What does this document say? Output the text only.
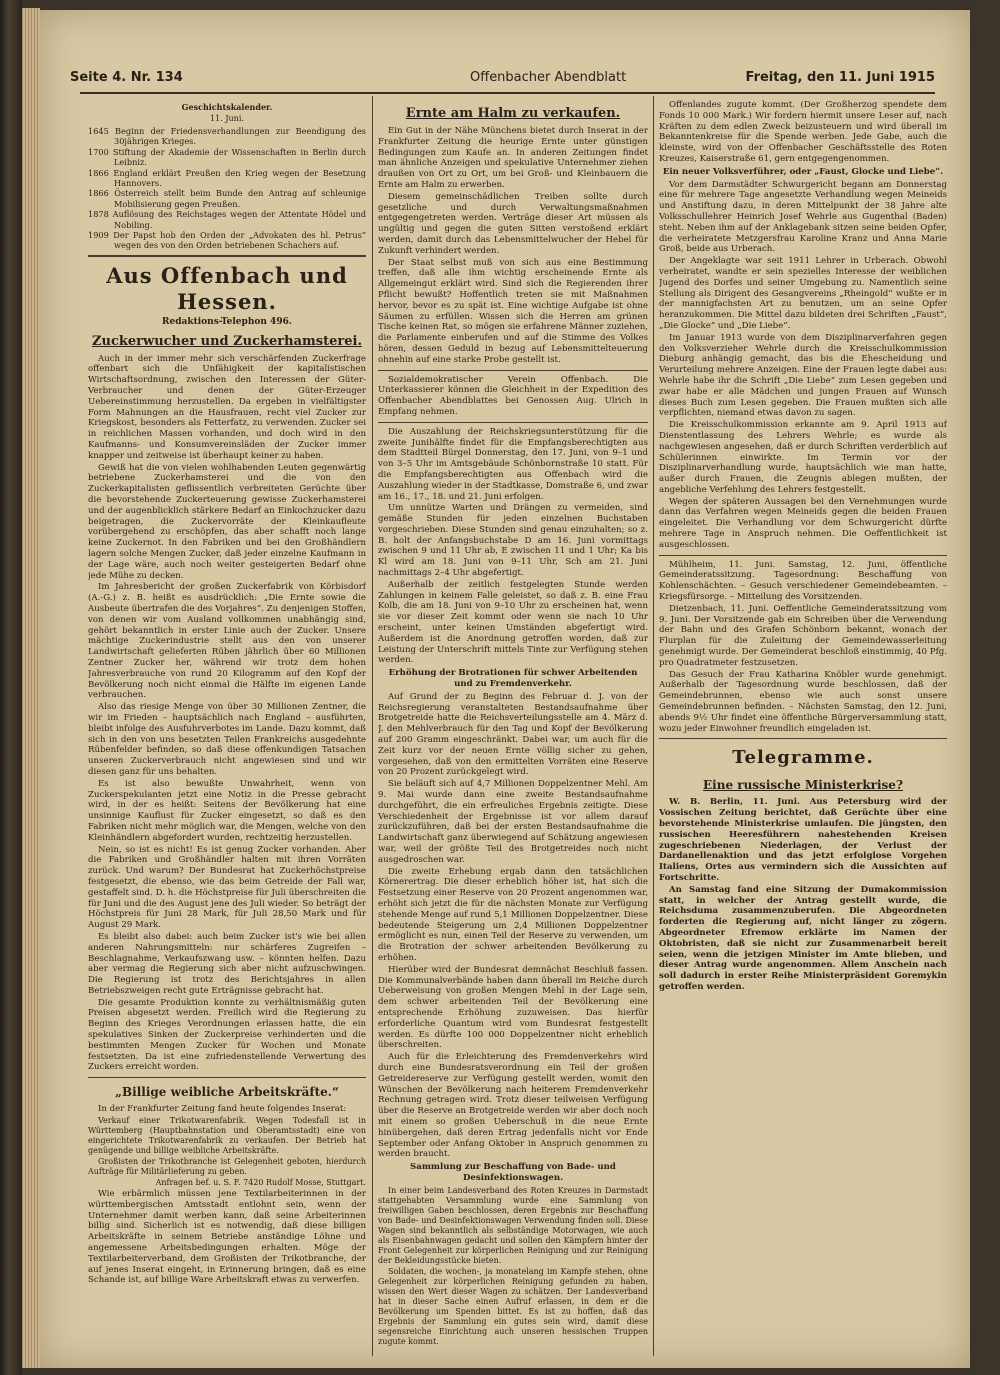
Seite 4. Nr. 134	Offenbacher Abendblatt	Freitag, den 11. Juni 1915
Geschichtskalender.
11. Juni.
1645 Beginn der Friedensverhandlungen zur Beendigung des 30jährigen Krieges.
1700 Stiftung der Akademie der Wissenschaften in Berlin durch Leibniz.
1866 England erklärt Preußen den Krieg wegen der Besetzung Hannovers.
1866 Österreich stellt beim Bunde den Antrag auf schleunige Mobilisierung gegen Preußen.
1878 Auflösung des Reichstages wegen der Attentate Hödel und Nobiling.
1909 Der Papst hob den Orden der „Advokaten des hl. Petrus“ wegen des von den Orden betriebenen Schachers auf.
Aus Offenbach und Hessen.
Redaktions-Telephon 496.
Zuckerwucher und Zuckerhamsterei.

Auch in der immer mehr sich verschärfenden Zuckerfrage offenbart sich die Unfähigkeit der kapitalistischen Wirtschaftsordnung, zwischen den Interessen der Güter-Verbraucher und denen der Güter-Erzeuger Uebereinstimmung herzustellen. Da ergeben in vielfältigster Form Mahnungen an die Hausfrauen, recht viel Zucker zur Kriegskost, besonders als Fetterfatz, zu verwenden. Zucker sei in reichlichen Massen vorhanden, und doch wird in den Kaufmanns- und Konsumvereinsläden der Zucker immer knapper und zeitweise ist überhaupt keiner zu haben.

Gewiß hat die von vielen wohlhabenden Leuten gegenwärtig betriebene Zuckerhamsterei und die von den Zuckerkapitalisten geflissentlich verbreiteten Gerüchte über die bevorstehende Zuckerteuerung gewisse Zuckerhamsterei und der augenblicklich stärkere Bedarf an Einkochzucker dazu beigetragen, die Zuckervorräte der Kleinkaufleute vorübergehend zu erschöpfen, das aber schafft noch lange keine Zuckernot. In den Fabriken und bei den Großhändlern lagern solche Mengen Zucker, daß jeder einzelne Kaufmann in der Lage wäre, auch noch weiter gesteigerten Bedarf ohne jede Mühe zu decken.

Im Jahresbericht der großen Zuckerfabrik von Körbisdorf (A.-G.) z. B. heißt es ausdrücklich: „Die Ernte sowie die Ausbeute übertrafen die des Vorjahres“. Zu denjenigen Stoffen, von denen wir vom Ausland vollkommen unabhängig sind, gehört bekanntlich in erster Linie auch der Zucker. Unsere mächtige Zuckerindustrie stellt aus den von unserer Landwirtschaft gelieferten Rüben jährlich über 60 Millionen Zentner Zucker her, während wir trotz dem hohen Jahresverbrauche von rund 20 Kilogramm auf den Kopf der Bevölkerung noch nicht einmal die Hälfte im eigenen Lande verbrauchen.

Also das riesige Menge von über 30 Millionen Zentner, die wir im Frieden – hauptsächlich nach England – ausführten, bleibt infolge des Ausfuhrverbotes im Lande. Dazu kommt, daß sich in den von uns besetzten Teilen Frankreichs ausgedehnte Rübenfelder befinden, so daß diese offenkundigen Tatsachen unseren Zuckerverbrauch nicht angewiesen sind und wir diesen ganz für uns behalten.

Es ist also bewußte Unwahrheit, wenn von Zuckerspekulanten jetzt eine Notiz in die Presse gebracht wird, in der es heißt: Seitens der Bevölkerung hat eine unsinnige Kauflust für Zucker eingesetzt, so daß es den Fabriken nicht mehr möglich war, die Mengen, welche von den Kleinhändlern abgefordert wurden, rechtzeitig herzustellen.

Nein, so ist es nicht! Es ist genug Zucker vorhanden. Aber die Fabriken und Großhändler halten mit ihren Vorräten zurück. Und warum? Der Bundesrat hat Zuckerhöchstpreise festgesetzt, die ebenso, wie das beim Getreide der Fall war, gestaffelt sind. D. h. die Höchstpreise für Juli überschreiten die für Juni und die des August jene des Juli wieder. So beträgt der Höchstpreis für Juni 28 Mark, für Juli 28,50 Mark und für August 29 Mark.

Es bleibt also dabei: auch beim Zucker ist's wie bei allen anderen Nahrungsmitteln: nur schärferes Zugreifen – Beschlagnahme, Verkaufszwang usw. – könnten helfen. Dazu aber vermag die Regierung sich aber nicht aufzuschwingen. Die Regierung ist trotz des Berichtsjahres in allen Betriebszweigen recht gute Erträgnisse gebracht hat.

Die gesamte Produktion konnte zu verhältnismäßig guten Preisen abgesetzt werden. Freilich wird die Regierung zu Beginn des Krieges Verordnungen erlassen hatte, die ein spekulatives Sinken der Zuckerpreise verhinderten und die bestimmten Mengen Zucker für Wochen und Monate festsetzten. Da ist eine zufriedenstellende Verwertung des Zuckers erreicht worden.

„Billige weibliche Arbeitskräfte.“

In der Frankfurter Zeitung fand heute folgendes Inserat:

Verkauf einer Trikotwarenfabrik. Wegen Todesfall ist in Württemberg (Hauptbahnstation und Oberamtsstadt) eine von eingerichtete Trikotwarenfabrik zu verkaufen. Der Betrieb hat genügende und billige weibliche Arbeitskräfte.

Großisten der Trikotbranche ist Gelegenheit geboten, hierdurch Aufträge für Militärlieferung zu geben.

Anfragen bef. u. S. F. 7420 Rudolf Mosse, Stuttgart.

Wie erbärmlich müssen jene Textilarbeiterinnen in der württembergischen Amtsstadt entlohnt sein, wenn der Unternehmer damit werben kann, daß seine Arbeiterinnen billig sind. Sicherlich ist es notwendig, daß diese billigen Arbeitskräfte in seinem Betriebe anständige Löhne und angemessene Arbeitsbedingungen erhalten. Möge der Textilarbeiterverband, dem Großisten der Trikotbranche, der auf jenes Inserat eingeht, in Erinnerung bringen, daß es eine Schande ist, auf billige Ware Arbeitskraft etwas zu verwerfen.

Ernte am Halm zu verkaufen.

Ein Gut in der Nähe Münchens bietet durch Inserat in der Frankfurter Zeitung die heurige Ernte unter günstigen Bedingungen zum Kaufe an. In anderen Zeitungen findet man ähnliche Anzeigen und spekulative Unternehmer ziehen draußen von Ort zu Ort, um bei Groß- und Kleinbauern die Ernte am Halm zu erwerben.

Diesem gemeinschädlichen Treiben sollte durch gesetzliche und durch Verwaltungsmaßnahmen entgegengetreten werden. Verträge dieser Art müssen als ungültig und gegen die guten Sitten verstoßend erklärt werden, damit durch das Lebensmittelwucher der Hebel für Zukunft verhindert werden.

Der Staat selbst muß von sich aus eine Bestimmung treffen, daß alle ihm wichtig erscheinende Ernte als Allgemeingut erklärt wird. Sind sich die Regierenden ihrer Pflicht bewußt? Hoffentlich treten sie mit Maßnahmen hervor, bevor es zu spät ist. Eine wichtige Aufgabe ist ohne Säumen zu erfüllen. Wissen sich die Herren am grünen Tische keinen Rat, so mögen sie erfahrene Männer zuziehen, die Parlamente einberufen und auf die Stimme des Volkes hören, dessen Geduld in bezug auf Lebensmittelteuerung ohnehin auf eine starke Probe gestellt ist.

Sozialdemokratischer Verein Offenbach. Die Unterkassierer können die Gleichheit in der Expedition des Offenbacher Abendblattes bei Genossen Aug. Ulrich in Empfang nehmen.

Die Auszahlung der Reichskriegsunterstützung für die zweite Junihälfte findet für die Empfangsberechtigten aus dem Stadtteil Bürgel Donnerstag, den 17. Juni, von 9–1 und von 3–5 Uhr im Amtsgebäude Schönbornstraße 10 statt. Für die Empfangsberechtigten aus Offenbach wird die Auszahlung wieder in der Stadtkasse, Domstraße 6, und zwar am 16., 17., 18. und 21. Juni erfolgen.

Um unnütze Warten und Drängen zu vermeiden, sind gemäße Stunden für jeden einzelnen Buchstaben vorgeschrieben. Diese Stunden sind genau einzuhalten; so z. B. holt der Anfangsbuchstabe D am 16. Juni vormittags zwischen 9 und 11 Uhr ab, E zwischen 11 und 1 Uhr; Ka bis Kl wird am 18. Juni von 9–11 Uhr, Sch am 21. Juni nachmittags 2–4 Uhr abgefertigt.

Außerhalb der zeitlich festgelegten Stunde werden Zahlungen in keinem Falle geleistet, so daß z. B. eine Frau Kolb, die am 18. Juni von 9–10 Uhr zu erscheinen hat, wenn sie vor dieser Zeit kommt oder wenn sie nach 10 Uhr erscheint, unter keinen Umständen abgefertigt wird. Außerdem ist die Anordnung getroffen worden, daß zur Leistung der Unterschrift mittels Tinte zur Verfügung stehen werden.

Erhöhung der Brotrationen für schwer Arbeitenden und zu Fremdenverkehr.

Auf Grund der zu Beginn des Februar d. J. von der Reichsregierung veranstalteten Bestandsaufnahme über Brotgetreide hatte die Reichsverteilungsstelle am 4. März d. J. den Mehlverbrauch für den Tag und Kopf der Bevölkerung auf 200 Gramm eingeschränkt. Dabei war, um auch für die Zeit kurz vor der neuen Ernte völlig sicher zu gehen, vorgesehen, daß von den ermittelten Vorräten eine Reserve von 20 Prozent zurückgelegt wird.

Sie beläuft sich auf 4,7 Millionen Doppelzentner Mehl. Am 9. Mai wurde dann eine zweite Bestandsaufnahme durchgeführt, die ein erfreuliches Ergebnis zeitigte. Diese Verschiedenheit der Ergebnisse ist vor allem darauf zurückzuführen, daß bei der ersten Bestandsaufnahme die Landwirtschaft ganz überwiegend auf Schätzung angewiesen war, weil der größte Teil des Brotgetreides noch nicht ausgedroschen war.

Die zweite Erhebung ergab dann den tatsächlichen Körnerertrag. Die dieser erheblich höher ist, hat sich die Festsetzung einer Reserve von 20 Prozent angenommen war, erhöht sich jetzt die für die nächsten Monate zur Verfügung stehende Menge auf rund 5,1 Millionen Doppelzentner. Diese bedeutende Steigerung um 2,4 Millionen Doppelzentner ermöglicht es nun, einen Teil der Reserve zu verwenden, um die Brotration der schwer arbeitenden Bevölkerung zu erhöhen.

Hierüber wird der Bundesrat demnächst Beschluß fassen. Die Kommunalverbände haben dann überall im Reiche durch Ueberweisung von großen Mengen Mehl in der Lage sein, dem schwer arbeitenden Teil der Bevölkerung eine entsprechende Erhöhung zuzuweisen. Das hierfür erforderliche Quantum wird vom Bundesrat festgestellt werden. Es dürfte 100 000 Doppelzentner nicht erheblich überschreiten.

Auch für die Erleichterung des Fremdenverkehrs wird durch eine Bundesratsverordnung ein Teil der großen Getreidereserve zur Verfügung gestellt werden, womit den Wünschen der Bevölkerung nach heiterem Fremdenverkehr Rechnung getragen wird. Trotz dieser teilweisen Verfügung über die Reserve an Brotgetreide werden wir aber doch noch mit einem so großen Ueberschuß in die neue Ernte hinübergehen, daß deren Ertrag jedenfalls nicht vor Ende September oder Anfang Oktober in Anspruch genommen zu werden braucht.

Sammlung zur Beschaffung von Bade- und Desinfektionswagen.

In einer beim Landesverband des Roten Kreuzes in Darmstadt stattgehabten Versammlung wurde eine Sammlung von freiwilligen Gaben beschlossen, deren Ergebnis zur Beschaffung von Bade- und Desinfektionswagen Verwendung finden soll. Diese Wagen sind bekanntlich als selbständige Motorwagen, wie auch als Eisenbahnwagen gedacht und sollen den Kämpfern hinter der Front Gelegenheit zur körperlichen Reinigung und zur Reinigung der Bekleidungsstücke bieten.

Soldaten, die wochen-, ja monatelang im Kampfe stehen, ohne Gelegenheit zur körperlichen Reinigung gefunden zu haben, wissen den Wert dieser Wagen zu schätzen. Der Landesverband hat in dieser Sache einen Aufruf erlassen, in dem er die Bevölkerung um Spenden bittet. Es ist zu hoffen, daß das Ergebnis der Sammlung ein gutes sein wird, damit diese segensreiche Einrichtung auch unseren hessischen Truppen zugute kommt.

Offenlandes zugute kommt. (Der Großherzog spendete dem Fonds 10 000 Mark.) Wir fordern hiermit unsere Leser auf, nach Kräften zu dem edlen Zweck beizusteuern und wird überall im Bekanntenkreise für die Spende werben. Jede Gabe, auch die kleinste, wird von der Offenbacher Geschäftsstelle des Roten Kreuzes, Kaiserstraße 61, gern entgegengenommen.

Ein neuer Volksverführer, oder „Faust, Glocke und Liebe“.

Vor dem Darmstädter Schwurgericht begann am Donnerstag eine für mehrere Tage angesetzte Verhandlung wegen Meineids und Anstiftung dazu, in deren Mittelpunkt der 38 Jahre alte Volksschullehrer Heinrich Josef Wehrle aus Gugenthal (Baden) steht. Neben ihm auf der Anklagebank sitzen seine beiden Opfer, die verheiratete Metzgersfrau Karoline Kranz und Anna Marie Groß, beide aus Urberach.

Der Angeklagte war seit 1911 Lehrer in Urberach. Obwohl verheiratet, wandte er sein spezielles Interesse der weiblichen Jugend des Dorfes und seiner Umgebung zu. Namentlich seine Stellung als Dirigent des Gesangvereins „Rheingold“ wußte er in der mannigfachsten Art zu benutzen, um an seine Opfer heranzukommen. Die Mittel dazu bildeten drei Schriften „Faust“, „Die Glocke“ und „Die Liebe“.

Im Januar 1913 wurde von dem Disziplinarverfahren gegen den Volksverzieher Wehrle durch die Kreisschulkommission Dieburg anhängig gemacht, das bis die Ehescheidung und Verurteilung mehrere Anzeigen. Eine der Frauen legte dabei aus: Wehrle habe ihr die Schrift „Die Liebe“ zum Lesen gegeben und zwar habe er alle Mädchen und jungen Frauen auf Wunsch dieses Buch zum Lesen gegeben. Die Frauen mußten sich alle verpflichten, niemand etwas davon zu sagen.

Die Kreisschulkommission erkannte am 9. April 1913 auf Dienstentlassung des Lehrers Wehrle; es wurde als nachgewiesen angesehen, daß er durch Schriften verderblich auf Schülerinnen einwirkte. Im Termin vor der Disziplinarverhandlung wurde, hauptsächlich wie man hatte, außer durch Frauen, die Zeugnis ablegen mußten, der angebliche Verfehlung des Lehrers festgestellt.

Wegen der späteren Aussagen bei den Vernehmungen wurde dann das Verfahren wegen Meineids gegen die beiden Frauen eingeleitet. Die Verhandlung vor dem Schwurgericht dürfte mehrere Tage in Anspruch nehmen. Die Oeffentlichkeit ist ausgeschlossen.

Mühlheim, 11. Juni. Samstag, 12. Juni, öffentliche Gemeinderatssitzung. Tagesordnung: Beschaffung von Kohlenschächten. – Gesuch verschiedener Gemeindebeamten. – Kriegsfürsorge. – Mitteilung des Vorsitzenden.

Dietzenbach, 11. Juni. Oeffentliche Gemeinderatssitzung vom 9. Juni. Der Vorsitzende gab ein Schreiben über die Verwendung der Bahn und des Grafen Schönborn bekannt, wonach der Flurplan für die Zuleitung der Gemeindewasserleitung genehmigt wurde. Der Gemeinderat beschloß einstimmig, 40 Pfg. pro Quadratmeter festzusetzen.

Das Gesuch der Frau Katharina Knöbler wurde genehmigt. Außerhalb der Tagesordnung wurde beschlossen, daß der Gemeindebrunnen, ebenso wie auch sonst unsere Gemeindebrunnen befinden. – Nächsten Samstag, den 12. Juni, abends 9½ Uhr findet eine öffentliche Bürgerversammlung statt, wozu jeder Einwohner freundlich eingeladen ist.

Telegramme.
Eine russische Ministerkrise?

W. B. Berlin, 11. Juni. Aus Petersburg wird der Vossischen Zeitung berichtet, daß Gerüchte über eine bevorstehende Ministerkrise umlaufen. Die jüngsten, den russischen Heeresführern nahestehenden Kreisen zugeschriebenen Niederlagen, der Verlust der Dardanellenaktion und das jetzt erfolglose Vorgehen Italiens, Ortes aus vermindern sich die Aussichten auf Fortschritte.

An Samstag fand eine Sitzung der Dumakommission statt, in welcher der Antrag gestellt wurde, die Reichsduma zusammenzuberufen. Die Abgeordneten forderten die Regierung auf, nicht länger zu zögern. Abgeordneter Efremow erklärte im Namen der Oktobristen, daß sie nicht zur Zusammenarbeit bereit seien, wenn die jetzigen Minister im Amte blieben, und dieser Antrag wurde angenommen. Allem Anschein nach soll dadurch in erster Reihe Ministerpräsident Goremykin getroffen werden.
